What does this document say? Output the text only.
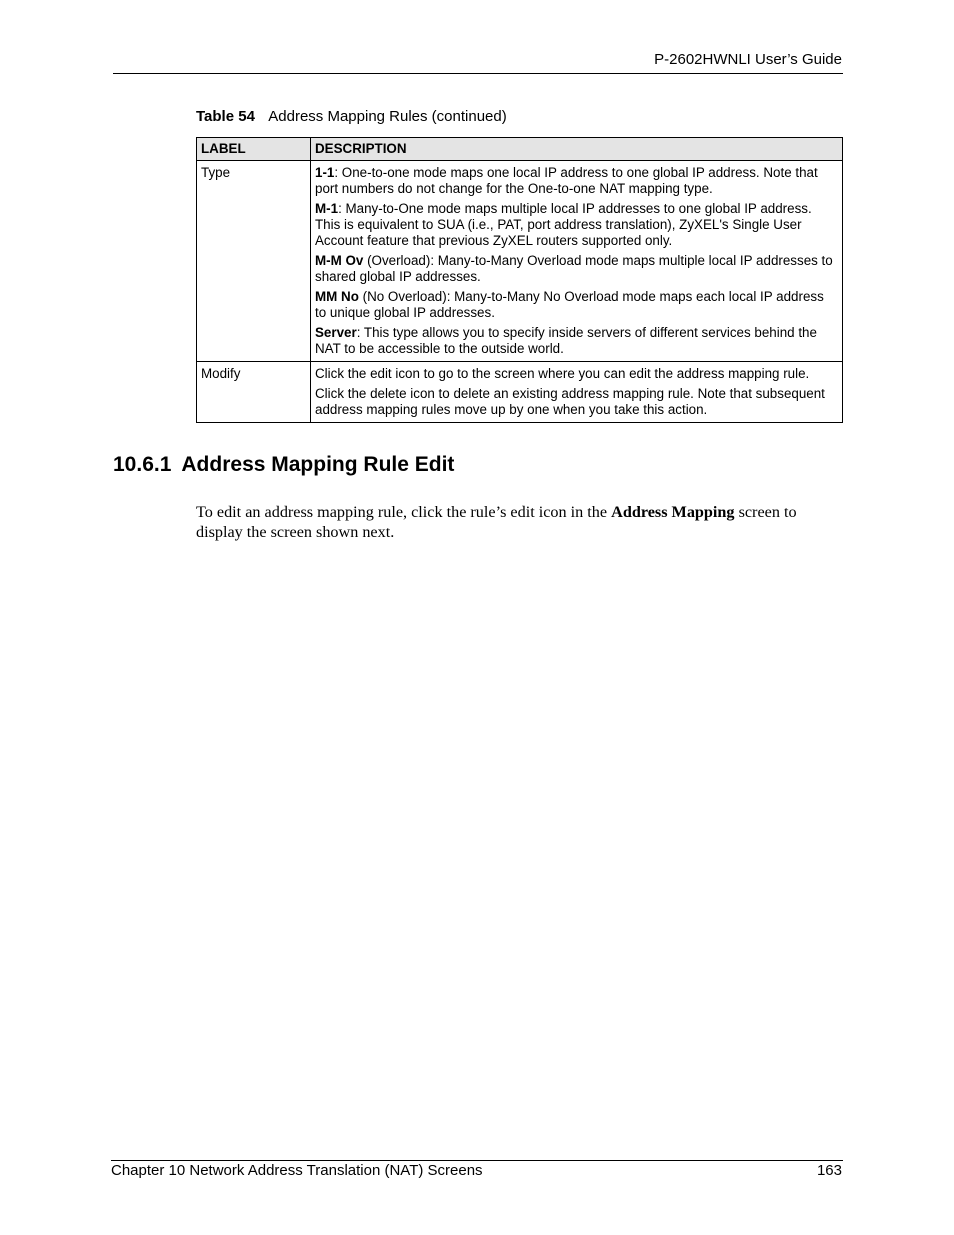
P-2602HWNLI User’s Guide
Table 54 Address Mapping Rules (continued)
LABEL	DESCRIPTION
Type	1-1: One-to-one mode maps one local IP address to one global IP address. Note that port numbers do not change for the One-to-one NAT mapping type.

M-1: Many-to-One mode maps multiple local IP addresses to one global IP address. This is equivalent to SUA (i.e., PAT, port address translation), ZyXEL's Single User Account feature that previous ZyXEL routers supported only.

M-M Ov (Overload): Many-to-Many Overload mode maps multiple local IP addresses to shared global IP addresses.

MM No (No Overload): Many-to-Many No Overload mode maps each local IP address to unique global IP addresses.

Server: This type allows you to specify inside servers of different services behind the NAT to be accessible to the outside world.

Modify	Click the edit icon to go to the screen where you can edit the address mapping rule.

Click the delete icon to delete an existing address mapping rule. Note that subsequent address mapping rules move up by one when you take this action.

10.6.1 Address Mapping Rule Edit

To edit an address mapping rule, click the rule’s edit icon in the Address Mapping screen to display the screen shown next.

Chapter 10 Network Address Translation (NAT) Screens	163
